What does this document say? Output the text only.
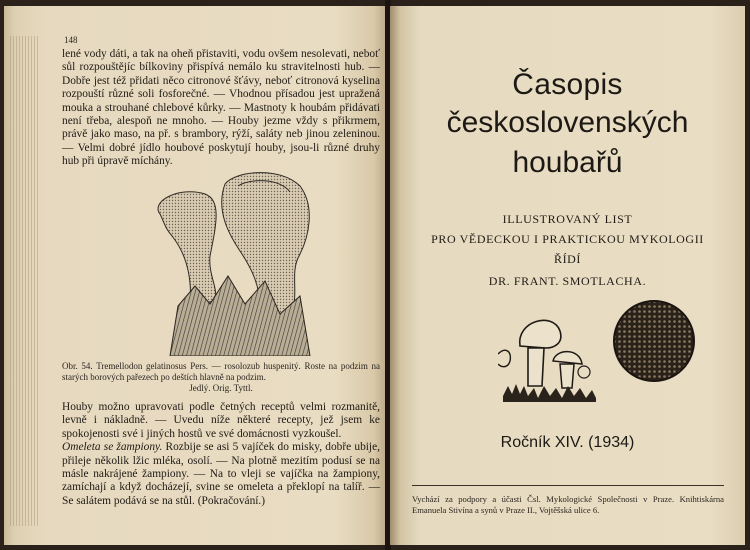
148

lené vody dáti, a tak na oheň přistaviti, vodu ovšem nesolevati, neboť sůl rozpouštějíc bílkoviny přispívá nemálo ku stravitelnosti hub. — Dobře jest též přidati něco citronové šťávy, neboť citronová kyselina rozpouští různé soli fosforečné. — Vhodnou přísadou jest upražená mouka a strouhané chlebové kůrky. — Mastnoty k houbám přidávati není třeba, alespoň ne mnoho. — Houby jezme vždy s přikrmem, právě jako maso, na př. s brambory, rýží, saláty neb jinou zeleninou. — Velmi dobré jídlo houbové poskytují houby, jsou-li různé druhy hub při úpravě míchány.

Obr. 54. Tremellodon gelatinosus Pers. — rosolozub huspenitý. Roste na podzim na starých borových pařezech po deštích hlavně na podzim.
Jedlý. Orig. Tyttl.

Houby možno upravovati podle četných receptů velmi rozmanitě, levně i nákladně. — Uvedu níže některé recepty, jež jsem ke spokojenosti své i jiných hostů ve své domácnosti vyzkoušel.

Omeleta se žampiony. Rozbije se asi 5 vajíček do misky, dobře ubije, přileje několik lžic mléka, osolí. — Na plotně mezitím podusí se na másle nakrájené žampiony. — Na to vleji se vajíčka na žampiony, zamíchají a když docházejí, svine se omeleta a překlopí na talíř. — Se salátem podává se na stůl. (Pokračování.)

Časopis
československých
houbařů
ILLUSTROVANÝ LIST
PRO VĚDECKOU I PRAKTICKOU MYKOLOGII
ŘÍDÍ
DR. FRANT. SMOTLACHA.
Ročník XIV. (1934)
Vychází za podpory a účasti Čsl. Mykologické Společnosti v Praze. Knihtiskárna Emanuela Stivína a synů v Praze II., Vojtěšská ulice 6.
